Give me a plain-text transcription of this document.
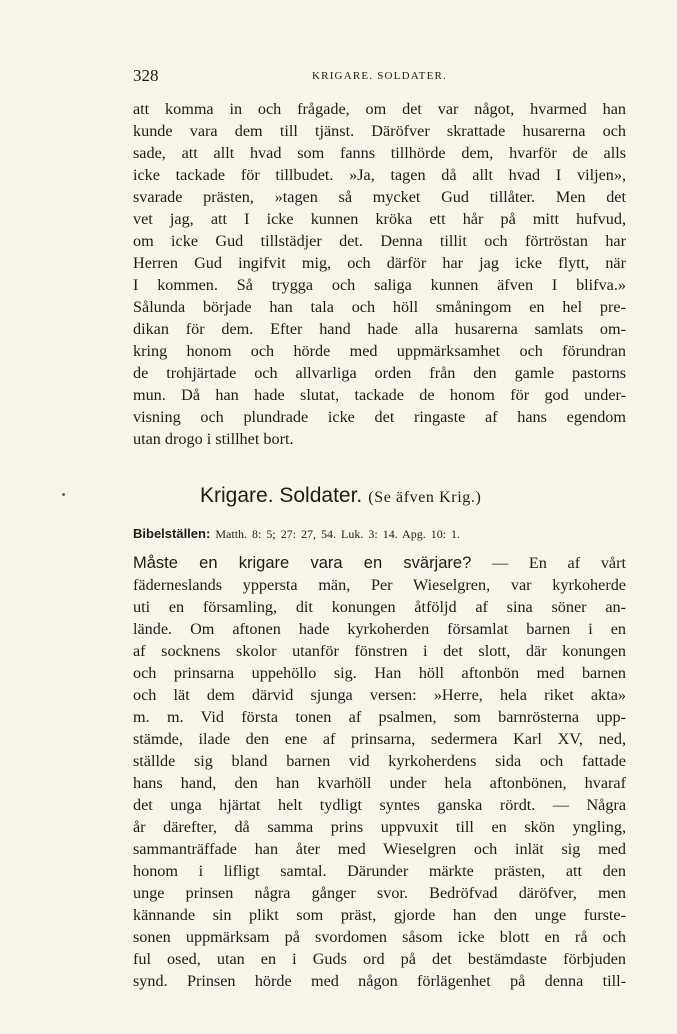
328	KRIGARE. SOLDATER.
att komma in och frågade, om det var något, hvarmed han
kunde vara dem till tjänst. Däröfver skrattade husarerna och
sade, att allt hvad som fanns tillhörde dem, hvarför de alls
icke tackade för tillbudet. »Ja, tagen då allt hvad I viljen»,
svarade prästen, »tagen så mycket Gud tillåter. Men det
vet jag, att I icke kunnen kröka ett hår på mitt hufvud,
om icke Gud tillstädjer det. Denna tillit och förtröstan har
Herren Gud ingifvit mig, och därför har jag icke flytt, när
I kommen. Så trygga och saliga kunnen äfven I blifva.»
Sålunda började han tala och höll småningom en hel pre-
dikan för dem. Efter hand hade alla husarerna samlats om-
kring honom och hörde med uppmärksamhet och förundran
de trohjärtade och allvarliga orden från den gamle pastorns
mun. Då han hade slutat, tackade de honom för god under-
visning och plundrade icke det ringaste af hans egendom
utan drogo i stillhet bort.
Krigare. Soldater. (Se äfven Krig.)
Bibelställen: Matth. 8: 5; 27: 27, 54. Luk. 3: 14. Apg. 10: 1.
Måste en krigare vara en svärjare? — En af vårt
fäderneslands yppersta män, Per Wieselgren, var kyrkoherde
uti en församling, dit konungen åtföljd af sina söner an-
lände. Om aftonen hade kyrkoherden församlat barnen i en
af socknens skolor utanför fönstren i det slott, där konungen
och prinsarna uppehöllo sig. Han höll aftonbön med barnen
och lät dem därvid sjunga versen: »Herre, hela riket akta»
m. m. Vid första tonen af psalmen, som barnrösterna upp-
stämde, ilade den ene af prinsarna, sedermera Karl XV, ned,
ställde sig bland barnen vid kyrkoherdens sida och fattade
hans hand, den han kvarhöll under hela aftonbönen, hvaraf
det unga hjärtat helt tydligt syntes ganska rördt. — Några
år därefter, då samma prins uppvuxit till en skön yngling,
sammanträffade han åter med Wieselgren och inlät sig med
honom i lifligt samtal. Därunder märkte prästen, att den
unge prinsen några gånger svor. Bedröfvad däröfver, men
kännande sin plikt som präst, gjorde han den unge furste-
sonen uppmärksam på svordomen såsom icke blott en rå och
ful osed, utan en i Guds ord på det bestämdaste förbjuden
synd. Prinsen hörde med någon förlägenhet på denna till-
